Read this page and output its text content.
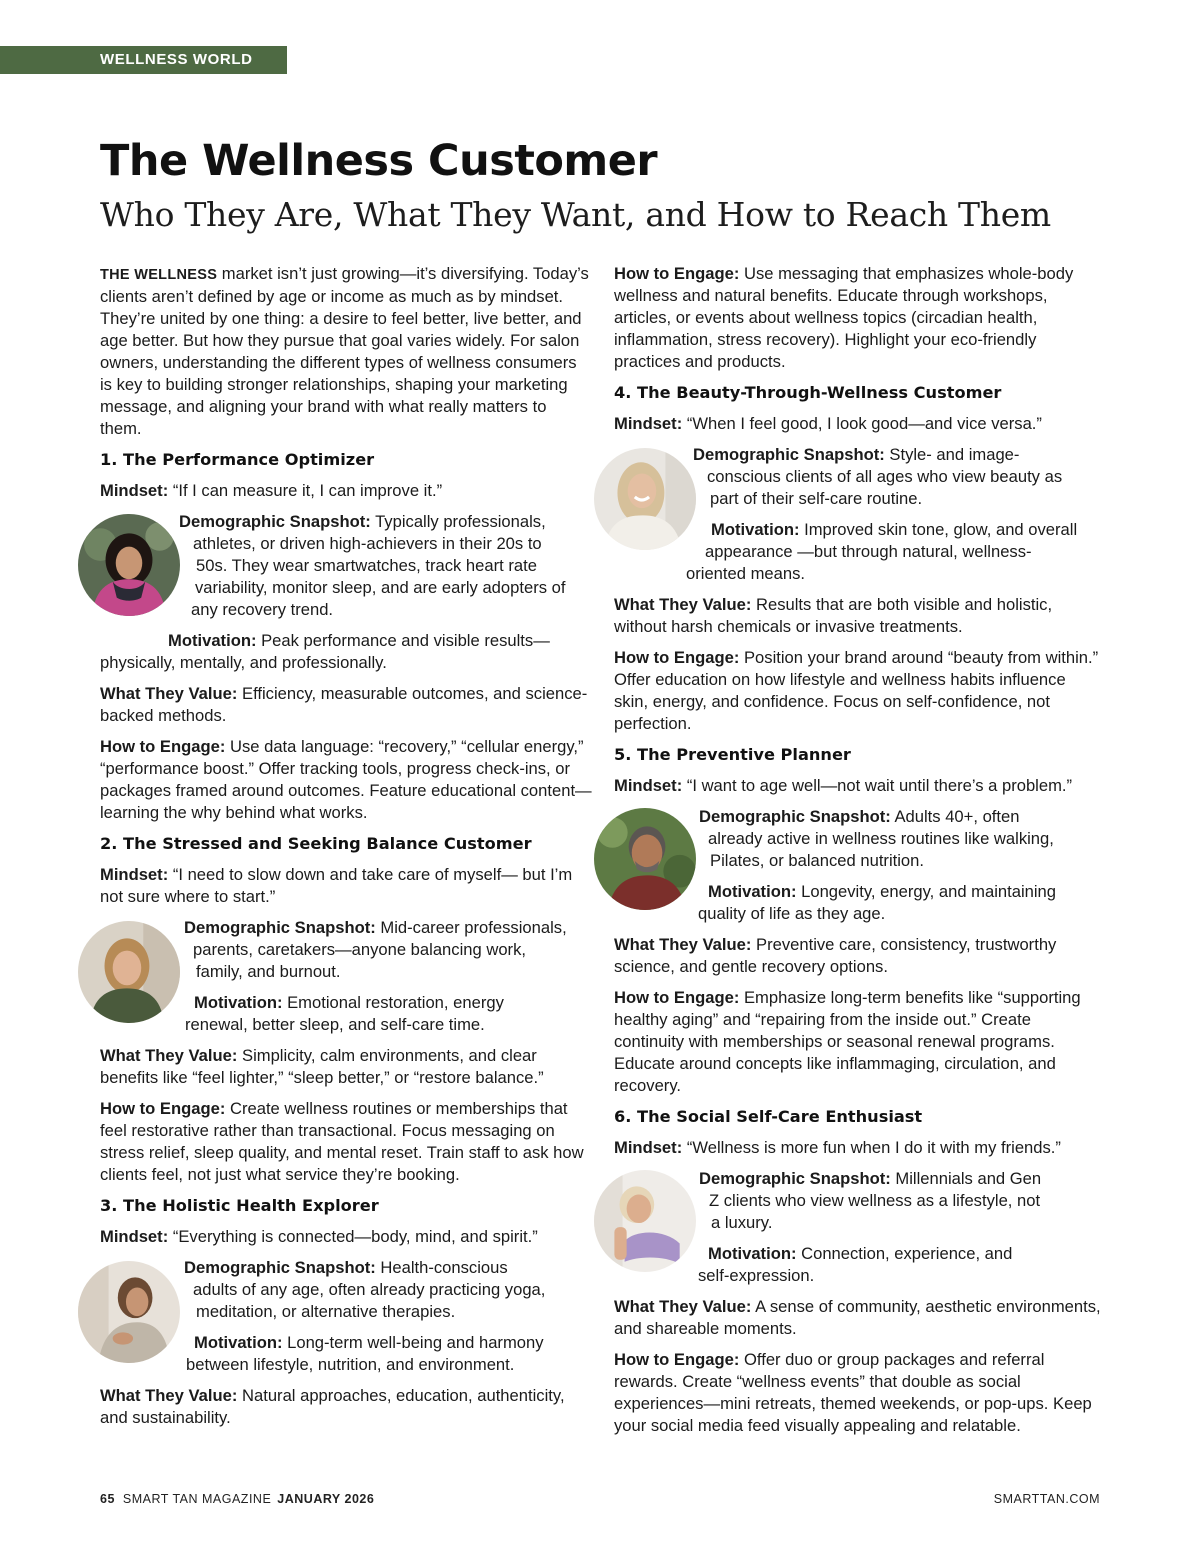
WELLNESS WORLD
The Wellness Customer
Who They Are, What They Want, and How to Reach Them

THE WELLNESS market isn’t just growing—it’s diversifying. Today’s clients aren’t defined by age or income as much as by mindset. They’re united by one thing: a desire to feel better, live better, and age better. But how they pursue that goal varies widely. For salon owners, understanding the different types of wellness consumers is key to building stronger relationships, shaping your marketing message, and aligning your brand with what really matters to them.

1. The Performance Optimizer

Mindset: “If I can measure it, I can improve it.”

Demographic Snapshot: Typically professionals,
athletes, or driven high-achievers in their 20s to
50s. They wear smartwatches, track heart rate
variability, monitor sleep, and are early adopters of
any recovery trend.

Motivation: Peak performance and visible results—
physically, mentally, and professionally.

What They Value: Efficiency, measurable outcomes, and science-backed methods.

How to Engage: Use data language: “recovery,” “cellular energy,” “performance boost.” Offer tracking tools, progress check-ins, or packages framed around outcomes. Feature educational content—learning the why behind what works.

2. The Stressed and Seeking Balance Customer

Mindset: “I need to slow down and take care of myself— but I’m not sure where to start.”

Demographic Snapshot: Mid-career professionals,
parents, caretakers—anyone balancing work,
family, and burnout.

Motivation: Emotional restoration, energy
renewal, better sleep, and self-care time.

What They Value: Simplicity, calm environments, and clear benefits like “feel lighter,” “sleep better,” or “restore balance.”

How to Engage: Create wellness routines or memberships that feel restorative rather than transactional. Focus messaging on stress relief, sleep quality, and mental reset. Train staff to ask how clients feel, not just what service they’re booking.

3. The Holistic Health Explorer

Mindset: “Everything is connected—body, mind, and spirit.”

Demographic Snapshot: Health-conscious
adults of any age, often already practicing yoga,
meditation, or alternative therapies.

Motivation: Long-term well-being and harmony
between lifestyle, nutrition, and environment.

What They Value: Natural approaches, education, authenticity, and sustainability.

How to Engage: Use messaging that emphasizes whole-body wellness and natural benefits. Educate through workshops, articles, or events about wellness topics (circadian health, inflammation, stress recovery). Highlight your eco-friendly practices and products.

4. The Beauty-Through-Wellness Customer

Mindset: “When I feel good, I look good—and vice versa.”

Demographic Snapshot: Style- and image-
conscious clients of all ages who view beauty as
part of their self-care routine.

Motivation: Improved skin tone, glow, and overall
appearance —but through natural, wellness-
oriented means.

What They Value: Results that are both visible and holistic, without harsh chemicals or invasive treatments.

How to Engage: Position your brand around “beauty from within.” Offer education on how lifestyle and wellness habits influence skin, energy, and confidence. Focus on self-confidence, not perfection.

5. The Preventive Planner

Mindset: “I want to age well—not wait until there’s a problem.”

Demographic Snapshot: Adults 40+, often
already active in wellness routines like walking,
Pilates, or balanced nutrition.

Motivation: Longevity, energy, and maintaining
quality of life as they age.

What They Value: Preventive care, consistency, trustworthy science, and gentle recovery options.

How to Engage: Emphasize long-term benefits like “supporting healthy aging” and “repairing from the inside out.” Create continuity with memberships or seasonal renewal programs. Educate around concepts like inflammaging, circulation, and recovery.

6. The Social Self-Care Enthusiast

Mindset: “Wellness is more fun when I do it with my friends.”

Demographic Snapshot: Millennials and Gen
Z clients who view wellness as a lifestyle, not
a luxury.

Motivation: Connection, experience, and
self-expression.

What They Value: A sense of community, aesthetic environments, and shareable moments.

How to Engage: Offer duo or group packages and referral rewards. Create “wellness events” that double as social experiences—mini retreats, themed weekends, or pop-ups. Keep your social media feed visually appealing and relatable.

65 SMART TAN MAGAZINE JANUARY 2026	SMARTTAN.COM
